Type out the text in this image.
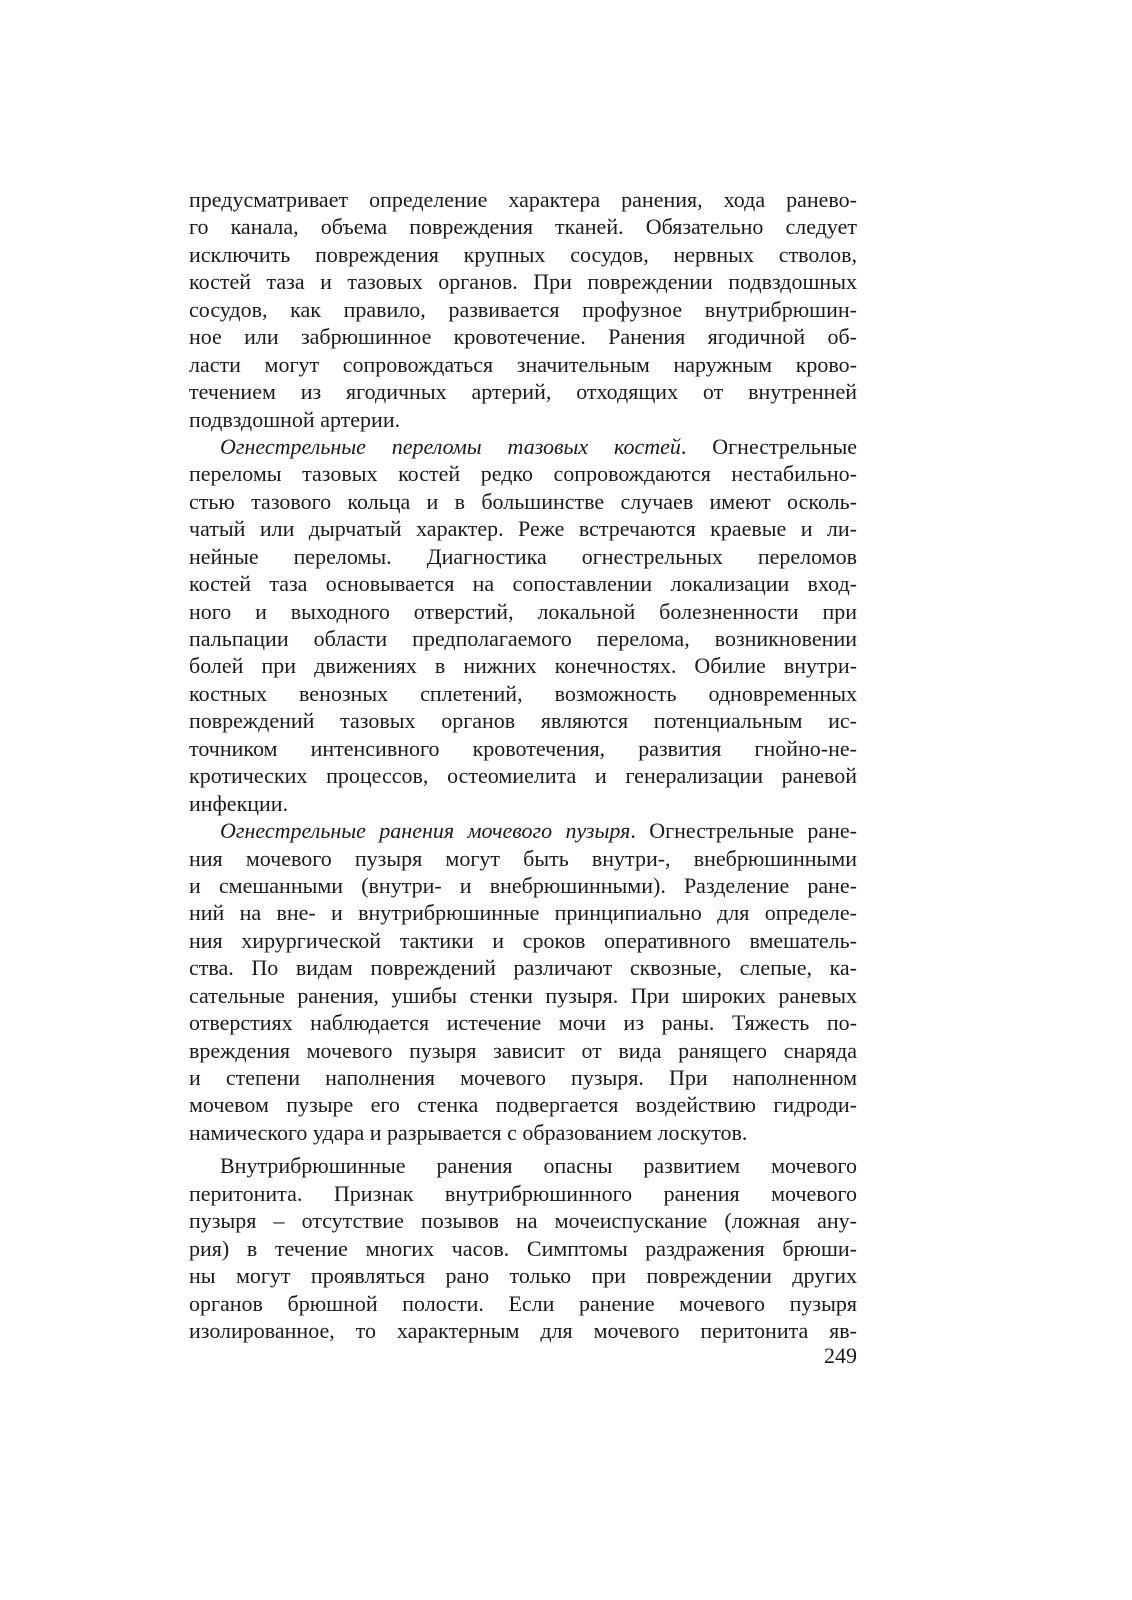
предусматривает определение характера ранения, хода ранево-
го канала, объема повреждения тканей. Обязательно следует
исключить повреждения крупных сосудов, нервных стволов,
костей таза и тазовых органов. При повреждении подвздошных
сосудов, как правило, развивается профузное внутрибрюшин-
ное или забрюшинное кровотечение. Ранения ягодичной об-
ласти могут сопровождаться значительным наружным крово-
течением из ягодичных артерий, отходящих от внутренней
подвздошной артерии.
Огнестрельные переломы тазовых костей. Огнестрельные
переломы тазовых костей редко сопровождаются нестабильно-
стью тазового кольца и в большинстве случаев имеют осколь-
чатый или дырчатый характер. Реже встречаются краевые и ли-
нейные переломы. Диагностика огнестрельных переломов
костей таза основывается на сопоставлении локализации вход-
ного и выходного отверстий, локальной болезненности при
пальпации области предполагаемого перелома, возникновении
болей при движениях в нижних конечностях. Обилие внутри-
костных венозных сплетений, возможность одновременных
повреждений тазовых органов являются потенциальным ис-
точником интенсивного кровотечения, развития гнойно-не-
кротических процессов, остеомиелита и генерализации раневой
инфекции.
Огнестрельные ранения мочевого пузыря. Огнестрельные ране-
ния мочевого пузыря могут быть внутри-, внебрюшинными
и смешанными (внутри- и внебрюшинными). Разделение ране-
ний на вне- и внутрибрюшинные принципиально для определе-
ния хирургической тактики и сроков оперативного вмешатель-
ства. По видам повреждений различают сквозные, слепые, ка-
сательные ранения, ушибы стенки пузыря. При широких раневых
отверстиях наблюдается истечение мочи из раны. Тяжесть по-
вреждения мочевого пузыря зависит от вида ранящего снаряда
и степени наполнения мочевого пузыря. При наполненном
мочевом пузыре его стенка подвергается воздействию гидроди-
намического удара и разрывается с образованием лоскутов.
Внутрибрюшинные ранения опасны развитием мочевого
перитонита. Признак внутрибрюшинного ранения мочевого
пузыря – отсутствие позывов на мочеиспускание (ложная ану-
рия) в течение многих часов. Симптомы раздражения брюши-
ны могут проявляться рано только при повреждении других
органов брюшной полости. Если ранение мочевого пузыря
изолированное, то характерным для мочевого перитонита яв-
249
